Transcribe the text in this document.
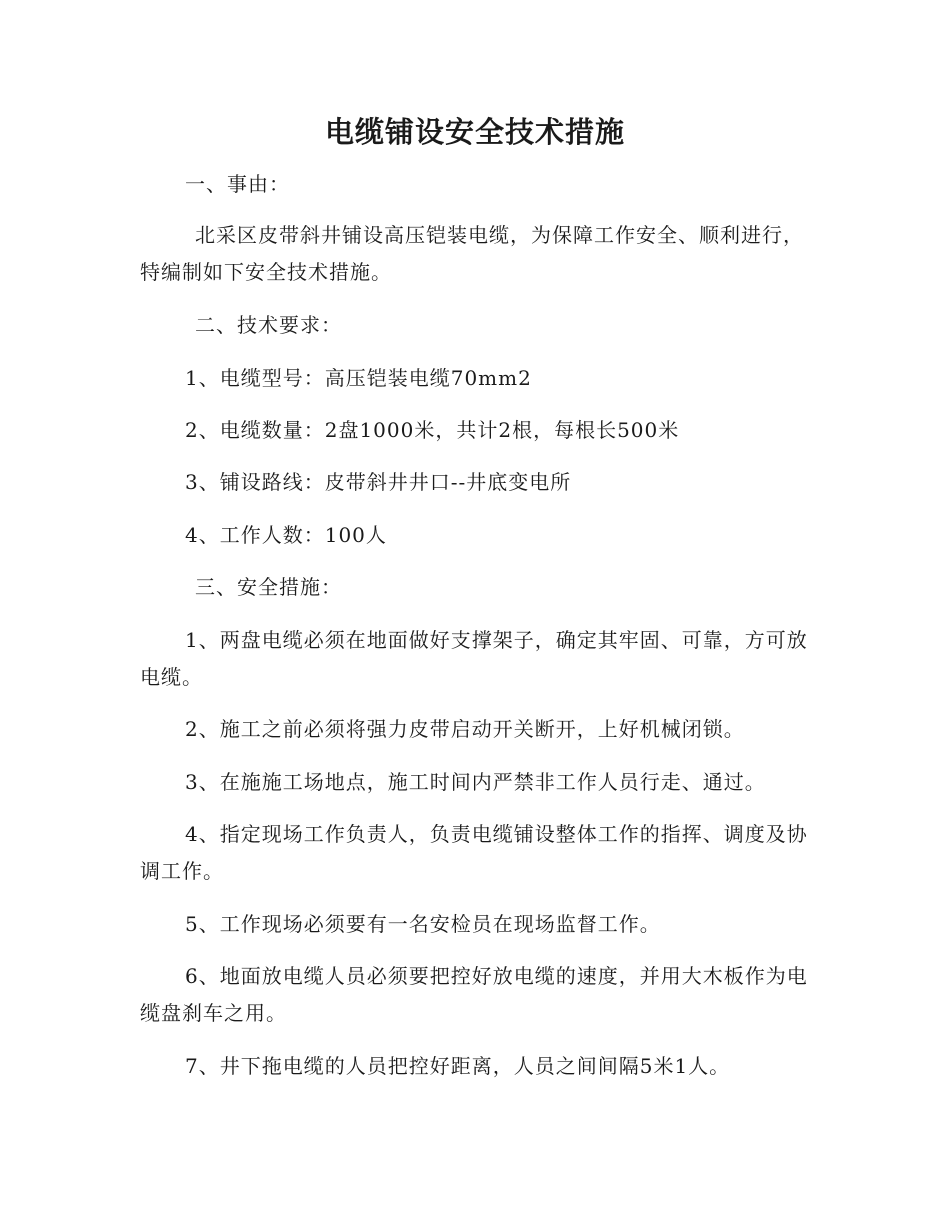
电缆铺设安全技术措施
一、事由：
北采区皮带斜井铺设高压铠装电缆，为保障工作安全、顺利进行，特编制如下安全技术措施。
二、技术要求：
1、电缆型号：高压铠装电缆70mm2
2、电缆数量：2盘1000米，共计2根，每根长500米
3、铺设路线：皮带斜井井口--井底变电所
4、工作人数：100人
三、安全措施：
1、两盘电缆必须在地面做好支撑架子，确定其牢固、可靠，方可放电缆。
2、施工之前必须将强力皮带启动开关断开，上好机械闭锁。
3、在施施工场地点，施工时间内严禁非工作人员行走、通过。
4、指定现场工作负责人，负责电缆铺设整体工作的指挥、调度及协调工作。
5、工作现场必须要有一名安检员在现场监督工作。
6、地面放电缆人员必须要把控好放电缆的速度，并用大木板作为电缆盘刹车之用。
7、井下拖电缆的人员把控好距离，人员之间间隔5米1人。
